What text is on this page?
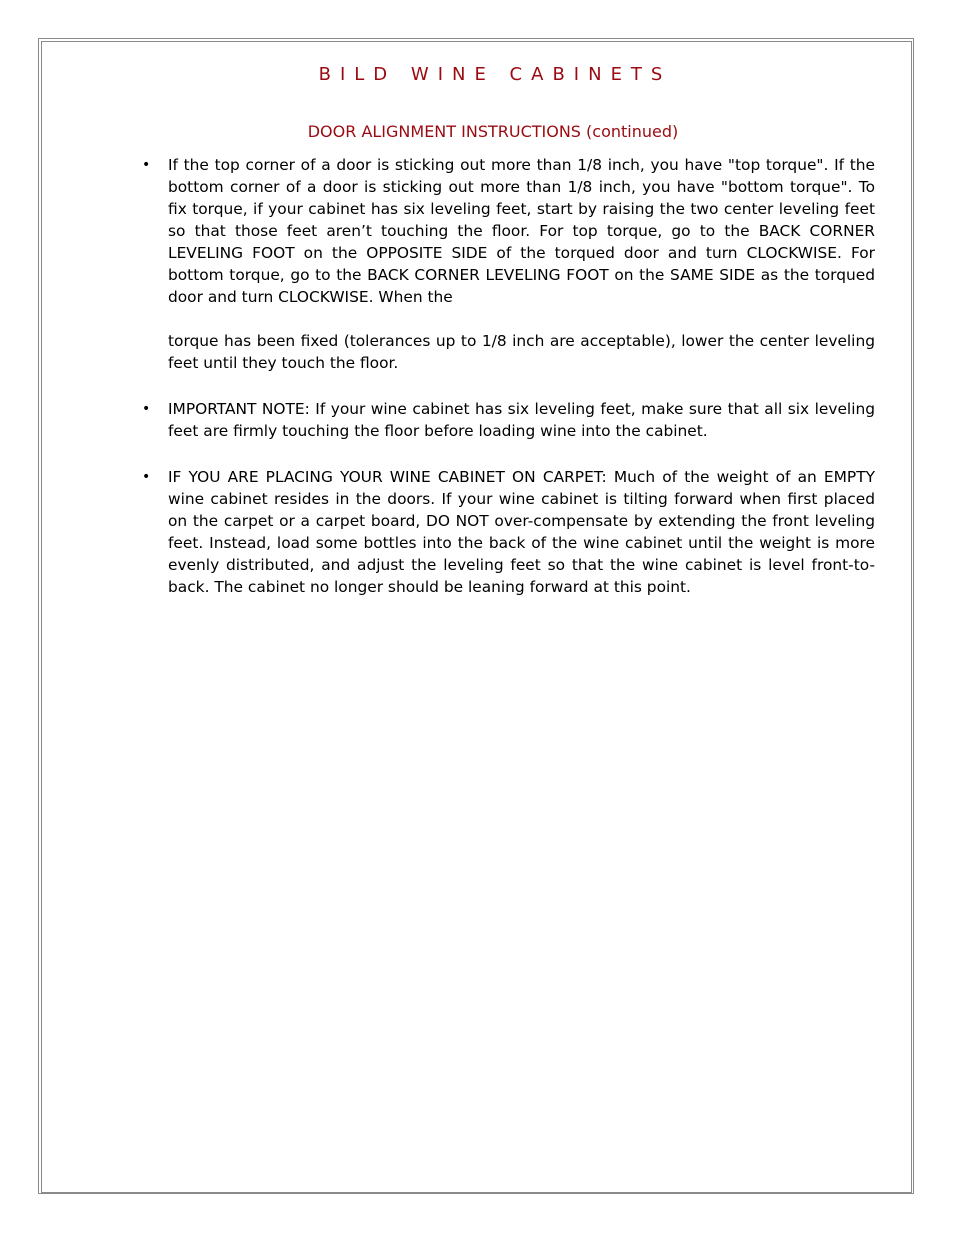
BILD WINE CABINETS
DOOR ALIGNMENT INSTRUCTIONS (continued)
• If the top corner of a door is sticking out more than 1/8 inch, you have "top torque". If the bottom corner of a door is sticking out more than 1/8 inch, you have "bottom torque". To fix torque, if your cabinet has six leveling feet, start by raising the two center leveling feet so that those feet aren’t touching the floor. For top torque, go to the BACK CORNER LEVELING FOOT on the OPPOSITE SIDE of the torqued door and turn CLOCKWISE. For bottom torque, go to the BACK CORNER LEVELING FOOT on the SAME SIDE as the torqued door and turn CLOCKWISE. When the

torque has been fixed (tolerances up to 1/8 inch are acceptable), lower the center leveling feet until they touch the floor.

• IMPORTANT NOTE: If your wine cabinet has six leveling feet, make sure that all six leveling feet are firmly touching the floor before loading wine into the cabinet.

• IF YOU ARE PLACING YOUR WINE CABINET ON CARPET: Much of the weight of an EMPTY wine cabinet resides in the doors. If your wine cabinet is tilting forward when first placed on the carpet or a carpet board, DO NOT over-compensate by extending the front leveling feet. Instead, load some bottles into the back of the wine cabinet until the weight is more evenly distributed, and adjust the leveling feet so that the wine cabinet is level front-to-back. The cabinet no longer should be leaning forward at this point.
